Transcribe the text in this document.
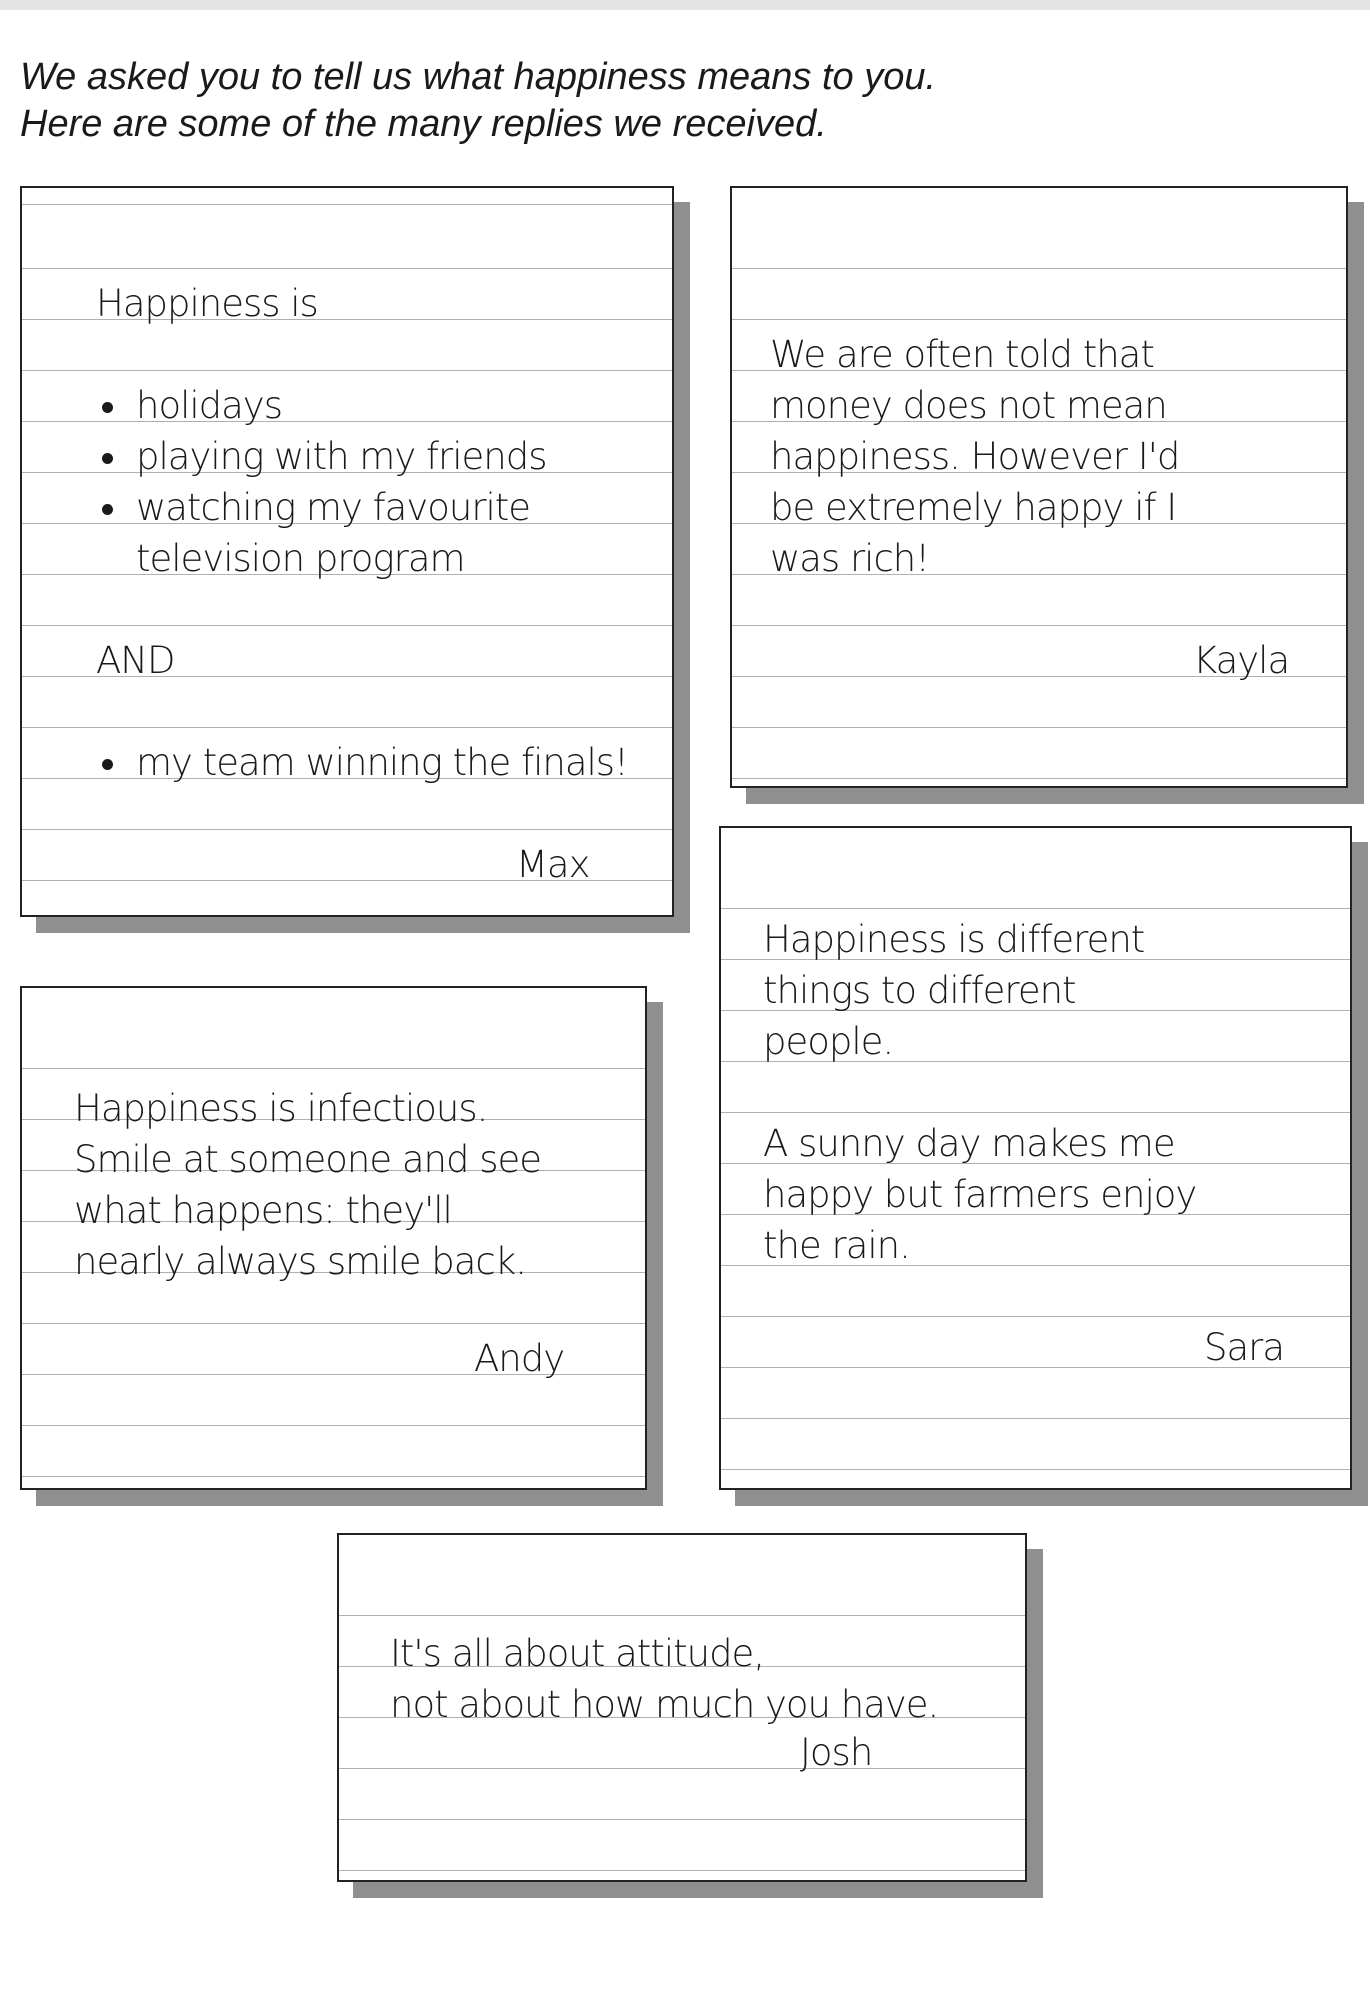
We asked you to tell us what happiness means to you.
Here are some of the many replies we received.
Happiness is
holidays
playing with my friends
watching my favourite
television program
AND
my team winning the finals!
Max
We are often told that
money does not mean
happiness. However I'd
be extremely happy if I
was rich!
Kayla
Happiness is different
things to different
people.
A sunny day makes me
happy but farmers enjoy
the rain.
Sara
Happiness is infectious.
Smile at someone and see
what happens: they'll
nearly always smile back.
Andy
It's all about attitude,
not about how much you have.
Josh
